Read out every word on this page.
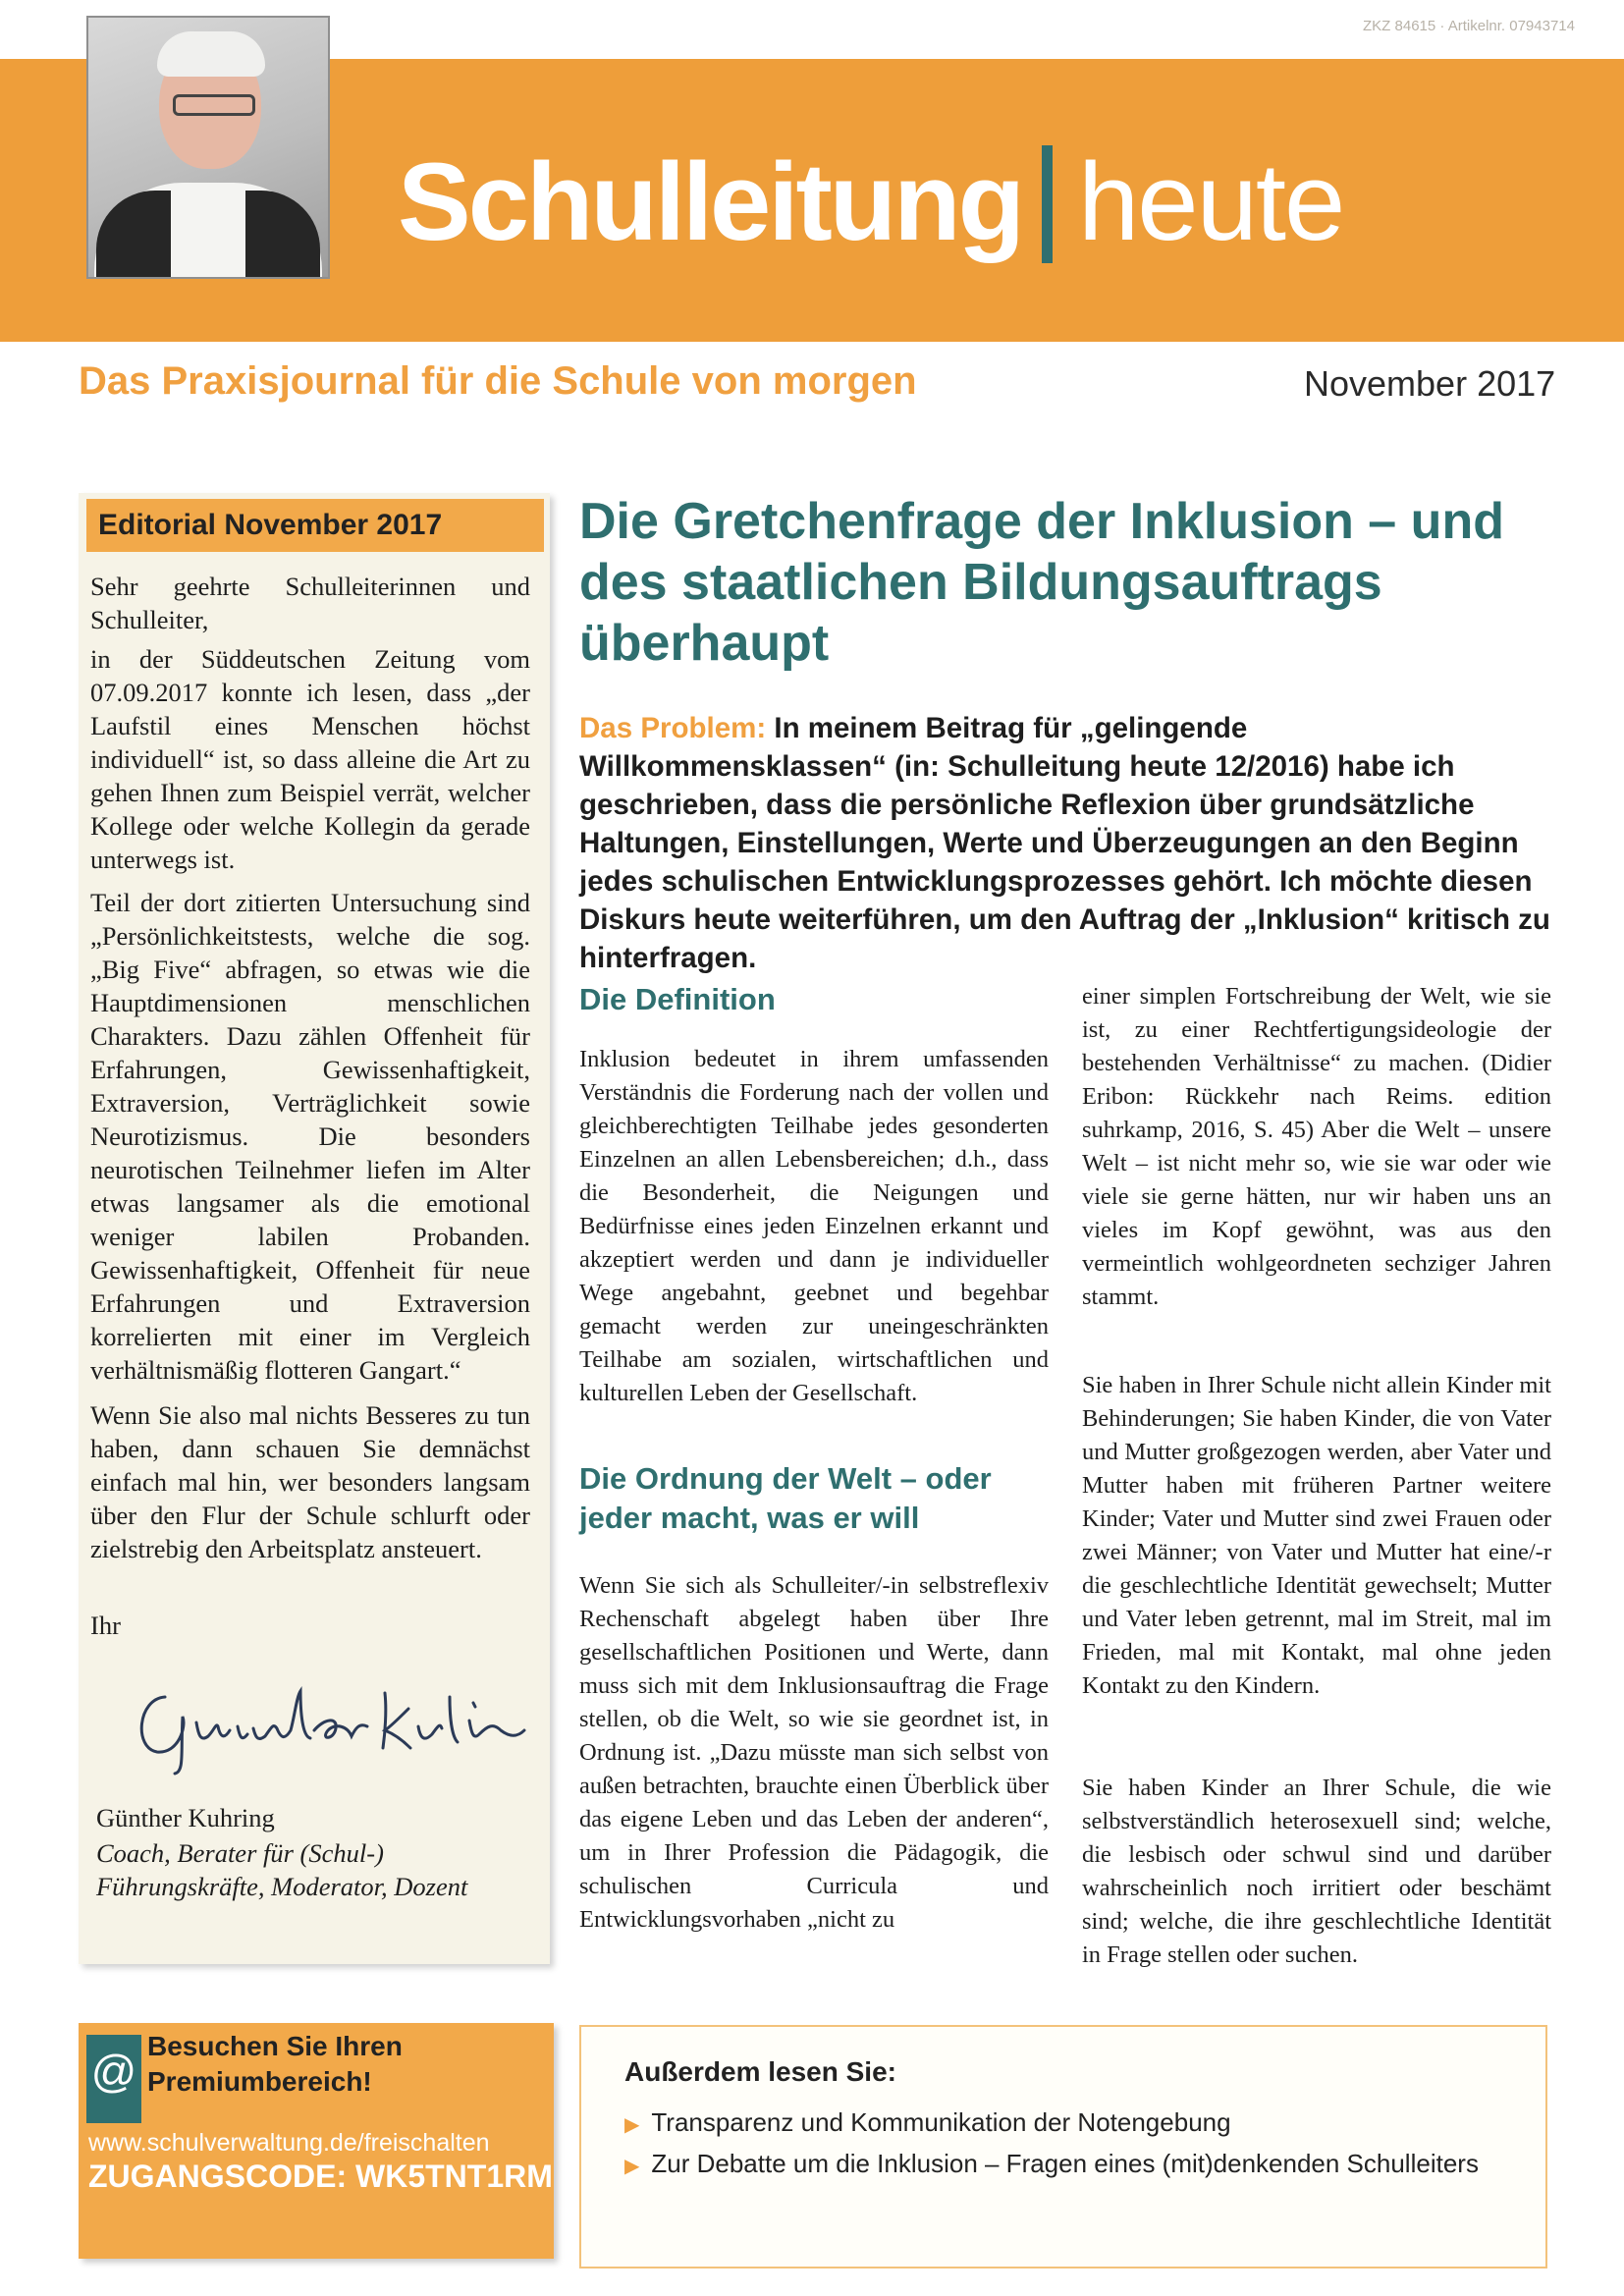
ZKZ 84615 · Artikelnr. 07943714
Schulleitung heute
Das Praxisjournal für die Schule von morgen	November 2017
Editorial November 2017
Sehr geehrte Schulleiterinnen und Schulleiter,
in der Süddeutschen Zeitung vom 07.09.2017 konnte ich lesen, dass „der Laufstil eines Menschen höchst individuell“ ist, so dass alleine die Art zu gehen Ihnen zum Beispiel verrät, welcher Kollege oder welche Kollegin da gerade unterwegs ist.
Teil der dort zitierten Untersuchung sind „Persönlichkeitstests, welche die sog. „Big Five“ abfragen, so etwas wie die Hauptdimensionen menschlichen Charakters. Dazu zählen Offenheit für Erfahrungen, Gewissenhaftigkeit, Extraversion, Verträglichkeit sowie Neurotizismus. Die besonders neurotischen Teilnehmer liefen im Alter etwas langsamer als die emotional weniger labilen Probanden. Gewissenhaftigkeit, Offenheit für neue Erfahrungen und Extraversion korrelierten mit einer im Vergleich verhältnismäßig flotteren Gangart.“
Wenn Sie also mal nichts Besseres zu tun haben, dann schauen Sie demnächst einfach mal hin, wer besonders langsam über den Flur der Schule schlurft oder zielstrebig den Arbeitsplatz ansteuert.
Ihr
Günther Kuhring
Coach, Berater für (Schul-) Führungskräfte, Moderator, Dozent
Die Gretchenfrage der Inklusion – und des staatlichen Bildungsauftrags überhaupt
Das Problem: In meinem Beitrag für „gelingende Willkommensklassen“ (in: Schulleitung heute 12/2016) habe ich geschrieben, dass die persönliche Reflexion über grundsätzliche Haltungen, Einstellungen, Werte und Überzeugungen an den Beginn jedes schulischen Entwicklungsprozesses gehört. Ich möchte diesen Diskurs heute weiterführen, um den Auftrag der „Inklusion“ kritisch zu hinterfragen.
Die Definition
Inklusion bedeutet in ihrem umfassenden Verständnis die Forderung nach der vollen und gleichberechtigten Teilhabe jedes gesonderten Einzelnen an allen Lebensbereichen; d.h., dass die Besonderheit, die Neigungen und Bedürfnisse eines jeden Einzelnen erkannt und akzeptiert werden und dann je individueller Wege angebahnt, geebnet und begehbar gemacht werden zur uneingeschränkten Teilhabe am sozialen, wirtschaftlichen und kulturellen Leben der Gesellschaft.
Die Ordnung der Welt – oder jeder macht, was er will
Wenn Sie sich als Schulleiter/-in selbstreflexiv Rechenschaft abgelegt haben über Ihre gesellschaftlichen Positionen und Werte, dann muss sich mit dem Inklusionsauftrag die Frage stellen, ob die Welt, so wie sie geordnet ist, in Ordnung ist. „Dazu müsste man sich selbst von außen betrachten, brauchte einen Überblick über das eigene Leben und das Leben der anderen“, um in Ihrer Profession die Pädagogik, die schulischen Curricula und Entwicklungsvorhaben „nicht zu
einer simplen Fortschreibung der Welt, wie sie ist, zu einer Rechtfertigungsideologie der bestehenden Verhältnisse“ zu machen. (Didier Eribon: Rückkehr nach Reims. edition suhrkamp, 2016, S. 45) Aber die Welt – unsere Welt – ist nicht mehr so, wie sie war oder wie viele sie gerne hätten, nur wir haben uns an vieles im Kopf gewöhnt, was aus den vermeintlich wohlgeordneten sechziger Jahren stammt.
Sie haben in Ihrer Schule nicht allein Kinder mit Behinderungen; Sie haben Kinder, die von Vater und Mutter großgezogen werden, aber Vater und Mutter haben mit früheren Partner weitere Kinder; Vater und Mutter sind zwei Frauen oder zwei Männer; von Vater und Mutter hat eine/-r die geschlechtliche Identität gewechselt; Mutter und Vater leben getrennt, mal im Streit, mal im Frieden, mal mit Kontakt, mal ohne jeden Kontakt zu den Kindern.
Sie haben Kinder an Ihrer Schule, die wie selbstverständlich heterosexuell sind; welche, die lesbisch oder schwul sind und darüber wahrscheinlich noch irritiert oder beschämt sind; welche, die ihre geschlechtliche Identität in Frage stellen oder suchen.
@ Besuchen Sie Ihren Premiumbereich!
www.schulverwaltung.de/freischalten
ZUGANGSCODE: WK5TNT1RM
Außerdem lesen Sie:
▶ Transparenz und Kommunikation der Notengebung
▶ Zur Debatte um die Inklusion – Fragen eines (mit)denkenden Schulleiters
